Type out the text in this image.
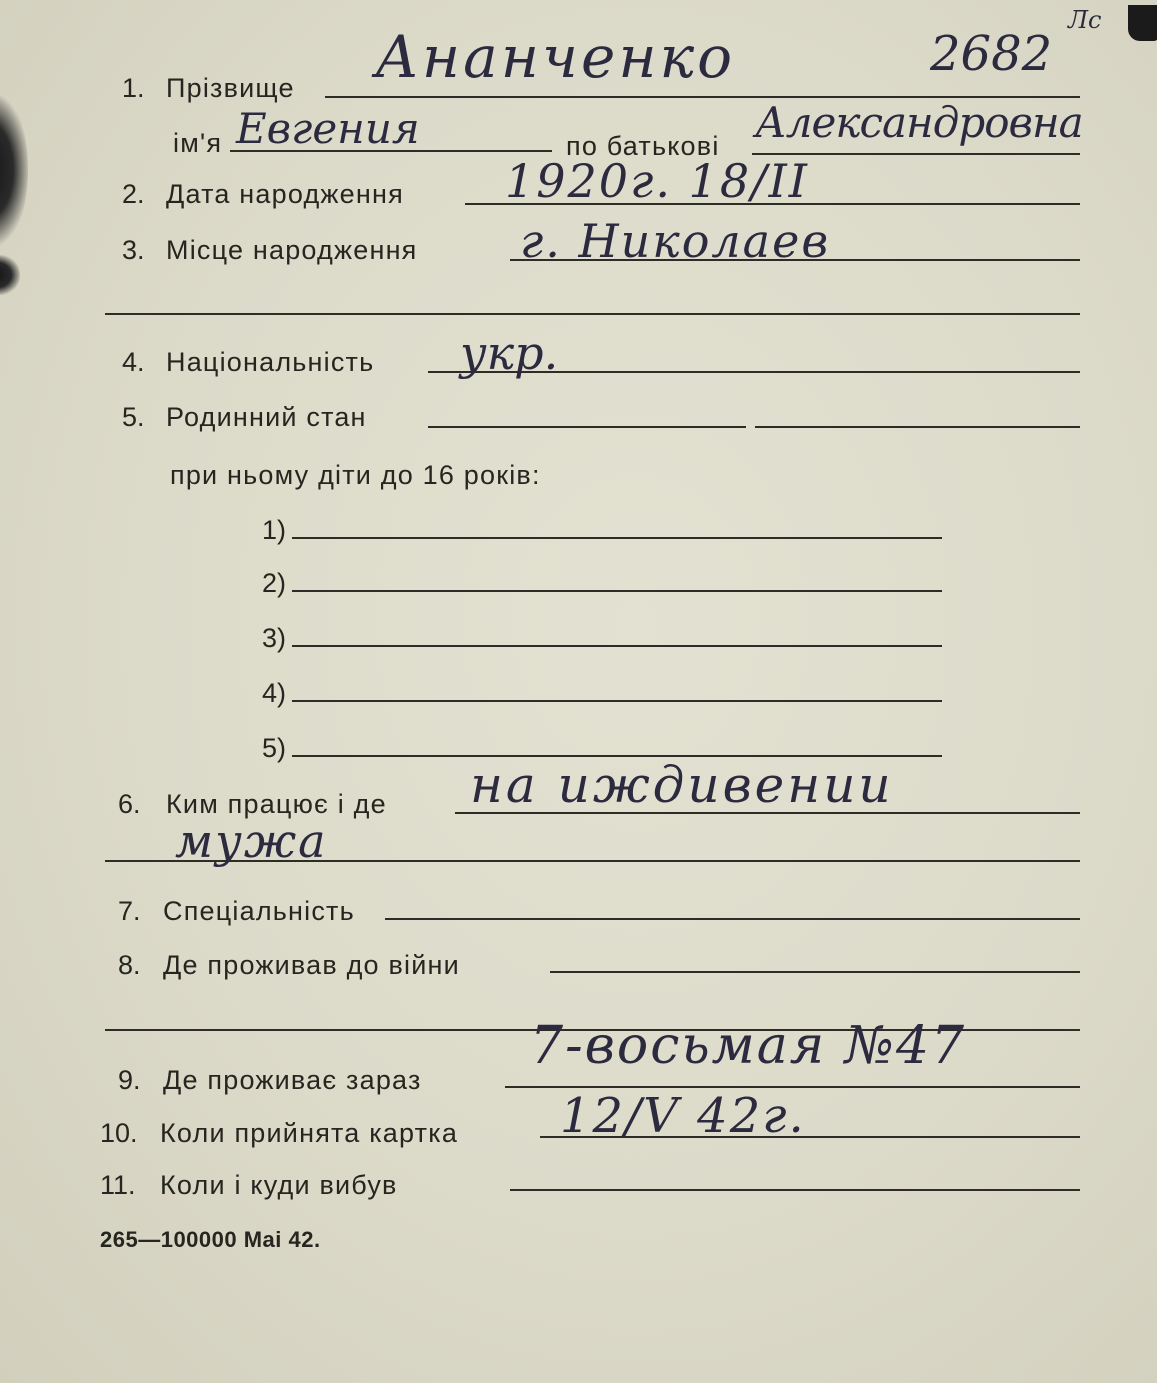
1. Прізвище Ананченко	2682
Лс
ім'я Евгения	по батькові Алексан​дровна
2. Дата народження 1920г. 18/II
3. Місце народження г. Николаев
4. Національність укр.
5. Родинний стан
при ньому діти до 16 років:
1)
2)
3)
4)
5)
6. Ким працює і де на иждивении
мужа
7. Спеціальність
8. Де проживав до війни
9. Де проживає зараз
7-восьмая №47
10. Коли прийнята картка 12/V 42г.
11. Коли і куди вибув
265—100000 Mai 42.
